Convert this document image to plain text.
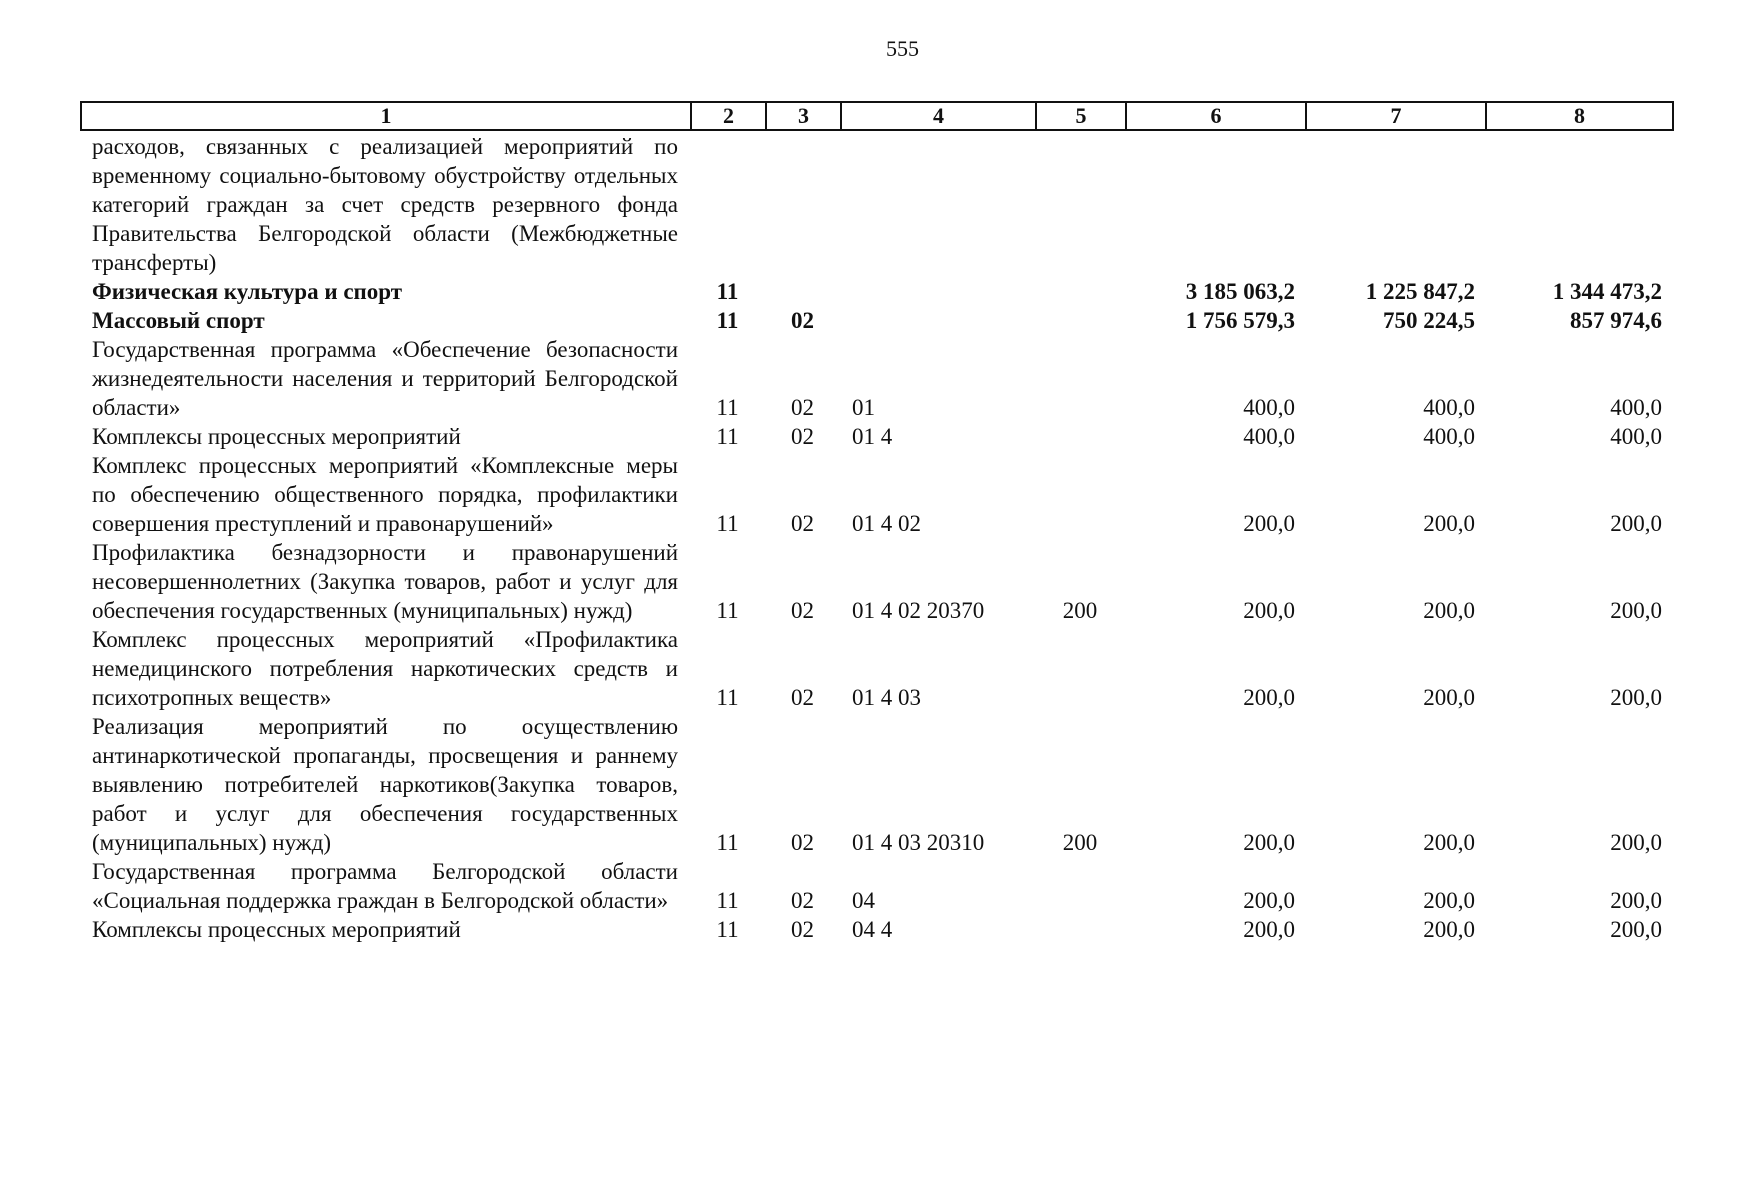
555
1	2	3	4	5	6	7	8
расходов, связанных с реализацией мероприятий по временному социально-бытовому обустройству отдельных категорий граждан за счет средств резервного фонда Правительства Белгородской области (Межбюджетные трансферты)							
Физическая культура и спорт	11				3 185 063,2	1 225 847,2	1 344 473,2
Массовый спорт	11	02			1 756 579,3	750 224,5	857 974,6
Государственная программа «Обеспечение безопасности жизнедеятельности населения и территорий Белгородской области»	11	02	01		400,0	400,0	400,0
Комплексы процессных мероприятий	11	02	01 4		400,0	400,0	400,0
Комплекс процессных мероприятий «Комплексные меры по обеспечению общественного порядка, профилактики совершения преступлений и правонарушений»	11	02	01 4 02		200,0	200,0	200,0
Профилактика безнадзорности и правонарушений несовершеннолетних (Закупка товаров, работ и услуг для обеспечения государственных (муниципальных) нужд)	11	02	01 4 02 20370	200	200,0	200,0	200,0
Комплекс процессных мероприятий «Профилактика немедицинского потребления наркотических средств и психотропных веществ»	11	02	01 4 03		200,0	200,0	200,0
Реализация мероприятий по осуществлению антинаркотической пропаганды, просвещения и раннему выявлению потребителей наркотиков(Закупка товаров, работ и услуг для обеспечения государственных (муниципальных) нужд)	11	02	01 4 03 20310	200	200,0	200,0	200,0
Государственная программа Белгородской области «Социальная поддержка граждан в Белгородской области»	11	02	04		200,0	200,0	200,0
Комплексы процессных мероприятий	11	02	04 4		200,0	200,0	200,0
